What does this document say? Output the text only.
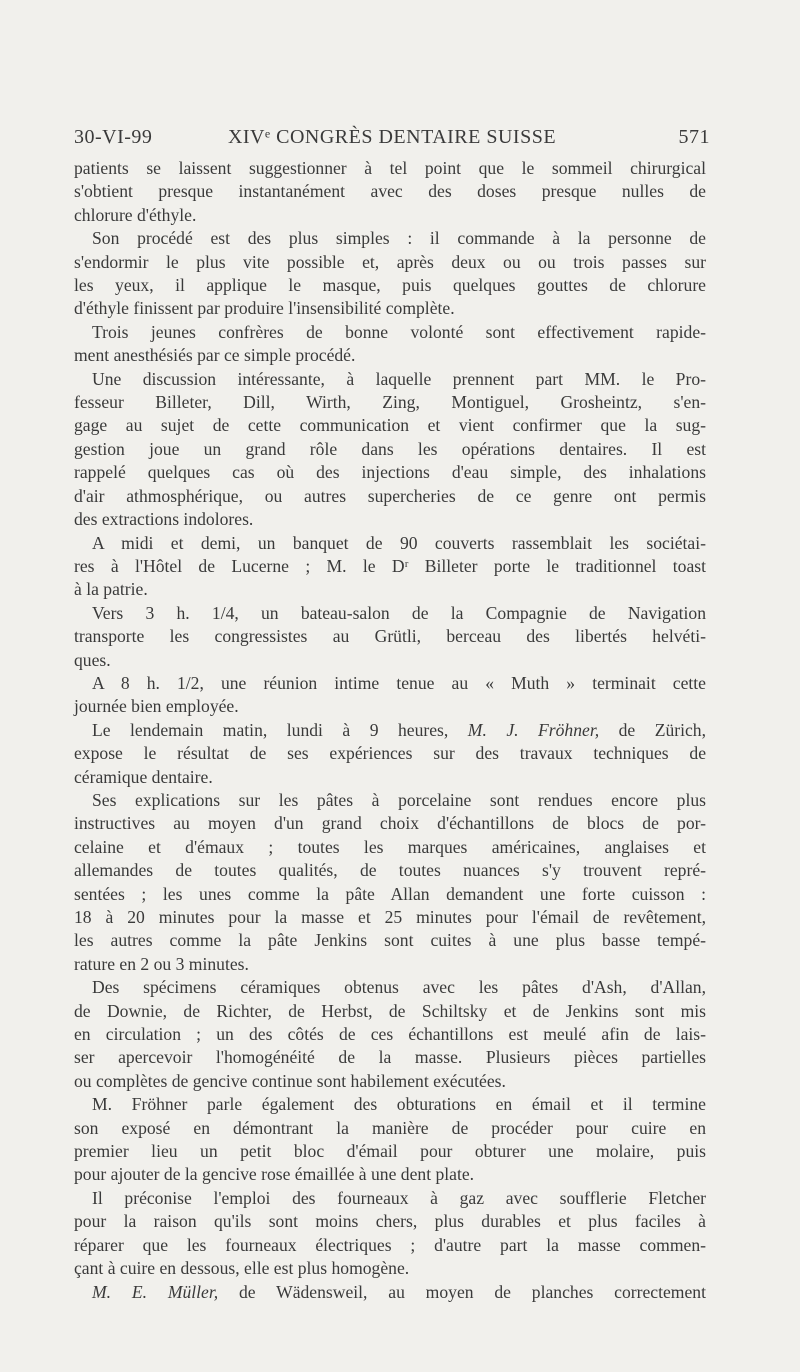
30-VI-99	XIVᵉ CONGRÈS DENTAIRE SUISSE	571
patients se laissent suggestionner à tel point que le sommeil chirurgical
s'obtient presque instantanément avec des doses presque nulles de
chlorure d'éthyle.
Son procédé est des plus simples : il commande à la personne de
s'endormir le plus vite possible et, après deux ou ou trois passes sur
les yeux, il applique le masque, puis quelques gouttes de chlorure
d'éthyle finissent par produire l'insensibilité complète.
Trois jeunes confrères de bonne volonté sont effectivement rapide-
ment anesthésiés par ce simple procédé.
Une discussion intéressante, à laquelle prennent part MM. le Pro-
fesseur Billeter, Dill, Wirth, Zing, Montiguel, Grosheintz, s'en-
gage au sujet de cette communication et vient confirmer que la sug-
gestion joue un grand rôle dans les opérations dentaires. Il est
rappelé quelques cas où des injections d'eau simple, des inhalations
d'air athmosphérique, ou autres supercheries de ce genre ont permis
des extractions indolores.
A midi et demi, un banquet de 90 couverts rassemblait les sociétai-
res à l'Hôtel de Lucerne ; M. le Dʳ Billeter porte le traditionnel toast
à la patrie.
Vers 3 h. 1/4, un bateau-salon de la Compagnie de Navigation
transporte les congressistes au Grütli, berceau des libertés helvéti-
ques.
A 8 h. 1/2, une réunion intime tenue au « Muth » terminait cette
journée bien employée.
Le lendemain matin, lundi à 9 heures, M. J. Fröhner, de Zürich,
expose le résultat de ses expériences sur des travaux techniques de
céramique dentaire.
Ses explications sur les pâtes à porcelaine sont rendues encore plus
instructives au moyen d'un grand choix d'échantillons de blocs de por-
celaine et d'émaux ; toutes les marques américaines, anglaises et
allemandes de toutes qualités, de toutes nuances s'y trouvent repré-
sentées ; les unes comme la pâte Allan demandent une forte cuisson :
18 à 20 minutes pour la masse et 25 minutes pour l'émail de revêtement,
les autres comme la pâte Jenkins sont cuites à une plus basse tempé-
rature en 2 ou 3 minutes.
Des spécimens céramiques obtenus avec les pâtes d'Ash, d'Allan,
de Downie, de Richter, de Herbst, de Schiltsky et de Jenkins sont mis
en circulation ; un des côtés de ces échantillons est meulé afin de lais-
ser apercevoir l'homogénéité de la masse. Plusieurs pièces partielles
ou complètes de gencive continue sont habilement exécutées.
M. Fröhner parle également des obturations en émail et il termine
son exposé en démontrant la manière de procéder pour cuire en
premier lieu un petit bloc d'émail pour obturer une molaire, puis
pour ajouter de la gencive rose émaillée à une dent plate.
Il préconise l'emploi des fourneaux à gaz avec soufflerie Fletcher
pour la raison qu'ils sont moins chers, plus durables et plus faciles à
réparer que les fourneaux électriques ; d'autre part la masse commen-
çant à cuire en dessous, elle est plus homogène.
M. E. Müller, de Wädensweil, au moyen de planches correctement
